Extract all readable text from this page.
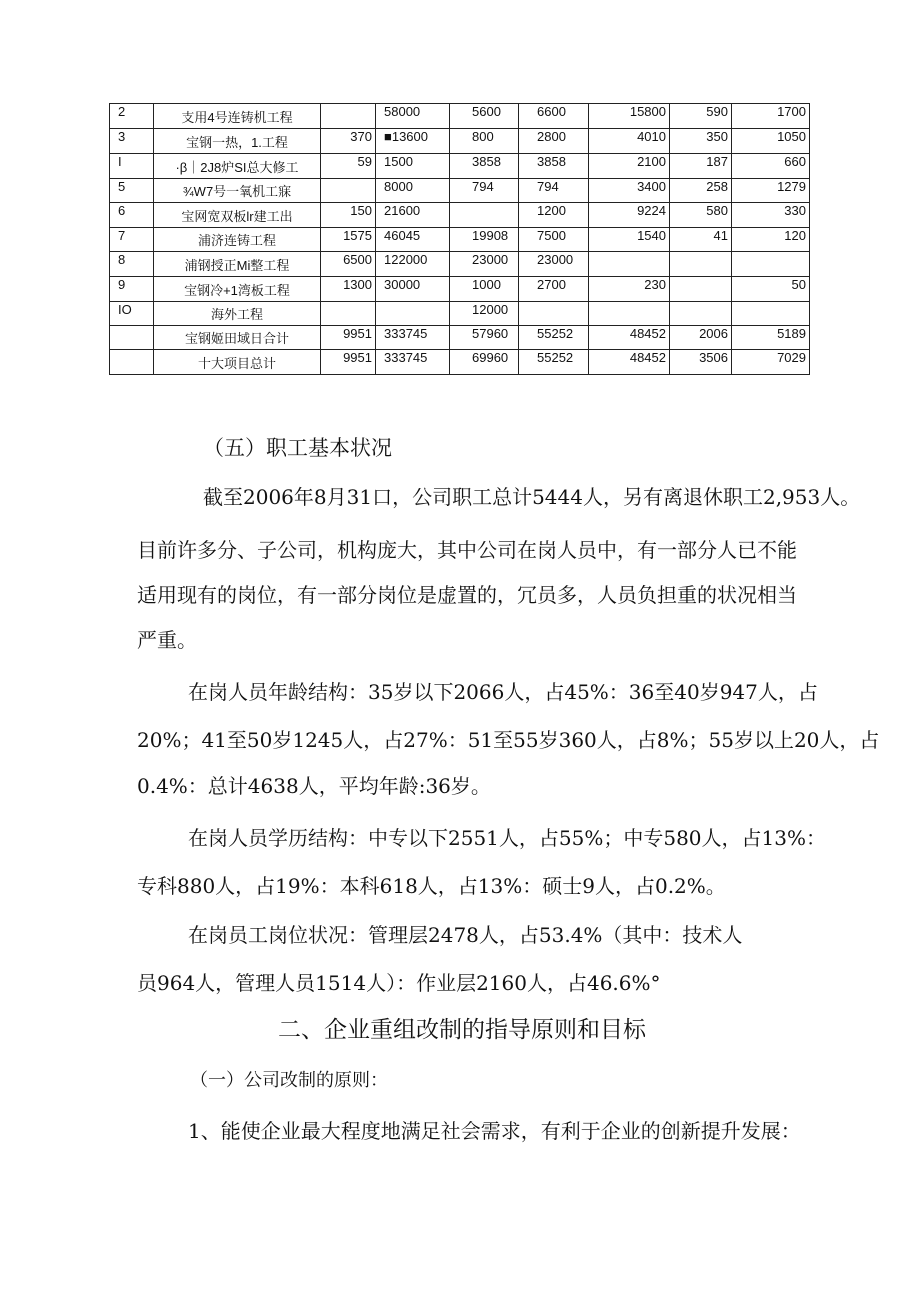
2	支用4号连铸机工程		58000	5600	6600	15800	590	1700
3	宝钢一热，1.工程	370	■13600	800	2800	4010	350	1050
I	·β｜2J8炉SI总大修工	59	1500	3858	3858	2100	187	660
5	¾W7号一氧机工寐		8000	794	794	3400	258	1279
6	宝网宽双板lr建工出	150	21600		1200	9224	580	330
7	浦济连铸工程	1575	46045	19908	7500	1540	41	120
8	浦钢授正Mi整工程	6500	122000	23000	23000			
9	宝钢冷+1湾板工程	1300	30000	1000	2700	230		50
IO	海外工程			12000				
	宝钢姬田域日合计	9951	333745	57960	55252	48452	2006	5189
	十大项目总计	9951	333745	69960	55252	48452	3506	7029

（五）职工基本状况

截至2006年8月31口，公司职工总计5444人，另有离退休职工2,953人。

目前许多分、子公司，机构庞大，其中公司在岗人员中，有一部分人已不能

适用现有的岗位，有一部分岗位是虚置的，冗员多，人员负担重的状况相当

严重。

在岗人员年龄结构：35岁以下2066人，占45%：36至40岁947人，占

20%；41至50岁1245人，占27%：51至55岁360人，占8%；55岁以上20人，占

0.4%：总计4638人，平均年龄:36岁。

在岗人员学历结构：中专以下2551人，占55%；中专580人，占13%：

专科880人，占19%：本科618人，占13%：硕士9人，占0.2%。

在岗员工岗位状况：管理层2478人，占53.4%（其中：技术人

员964人，管理人员1514人）：作业层2160人，占46.6%°

二、企业重组改制的指导原则和目标

（一）公司改制的原则：

1、能使企业最大程度地满足社会需求，有利于企业的创新提升发展：
